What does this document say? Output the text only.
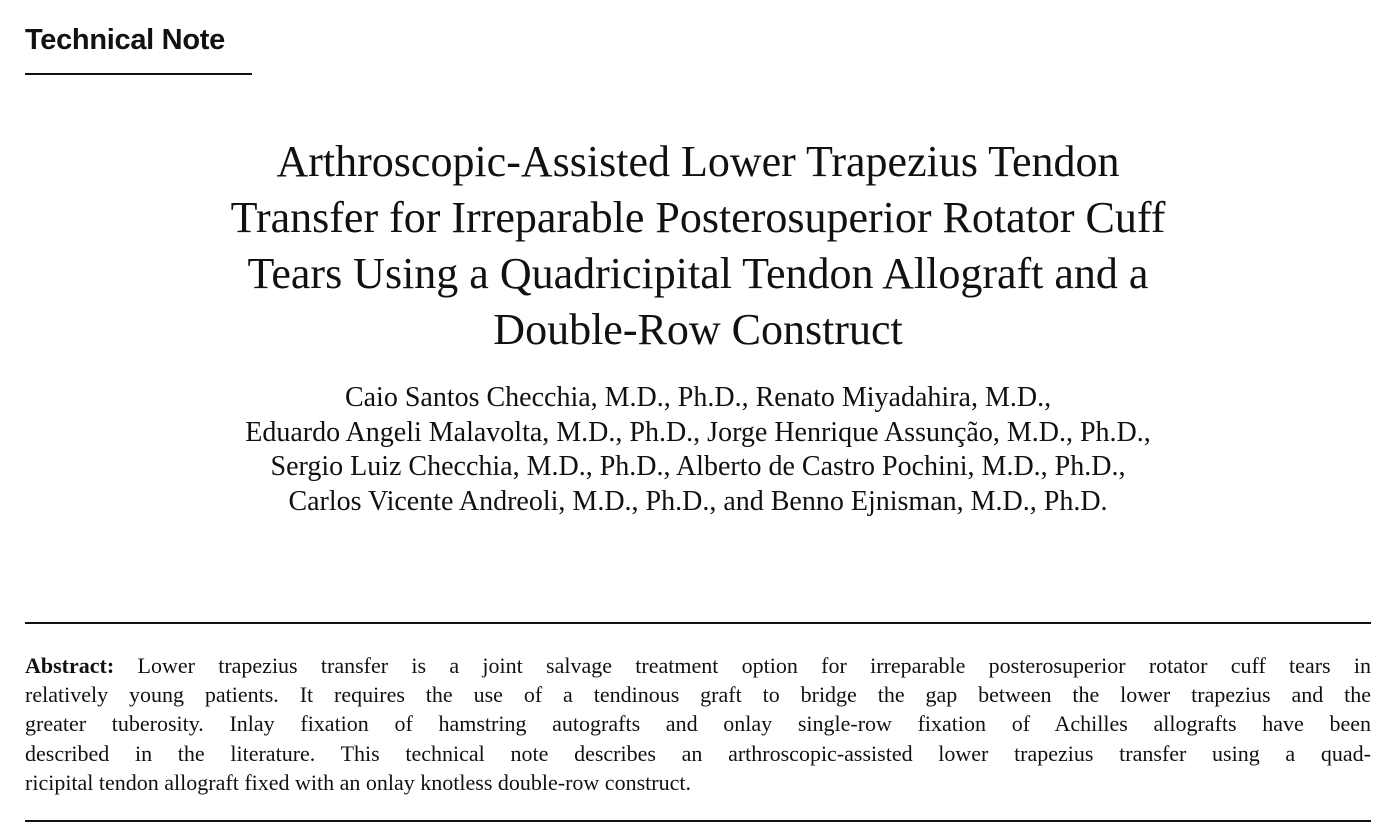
Technical Note
Arthroscopic-Assisted Lower Trapezius Tendon
Transfer for Irreparable Posterosuperior Rotator Cuff
Tears Using a Quadricipital Tendon Allograft and a
Double-Row Construct

Caio Santos Checchia, M.D., Ph.D., Renato Miyadahira, M.D.,
Eduardo Angeli Malavolta, M.D., Ph.D., Jorge Henrique Assunção, M.D., Ph.D.,
Sergio Luiz Checchia, M.D., Ph.D., Alberto de Castro Pochini, M.D., Ph.D.,
Carlos Vicente Andreoli, M.D., Ph.D., and Benno Ejnisman, M.D., Ph.D.

Abstract: Lower trapezius transfer is a joint salvage treatment option for irreparable posterosuperior rotator cuff tears in
relatively young patients. It requires the use of a tendinous graft to bridge the gap between the lower trapezius and the
greater tuberosity. Inlay fixation of hamstring autografts and onlay single-row fixation of Achilles allografts have been
described in the literature. This technical note describes an arthroscopic-assisted lower trapezius transfer using a quad-
ricipital tendon allograft fixed with an onlay knotless double-row construct.
